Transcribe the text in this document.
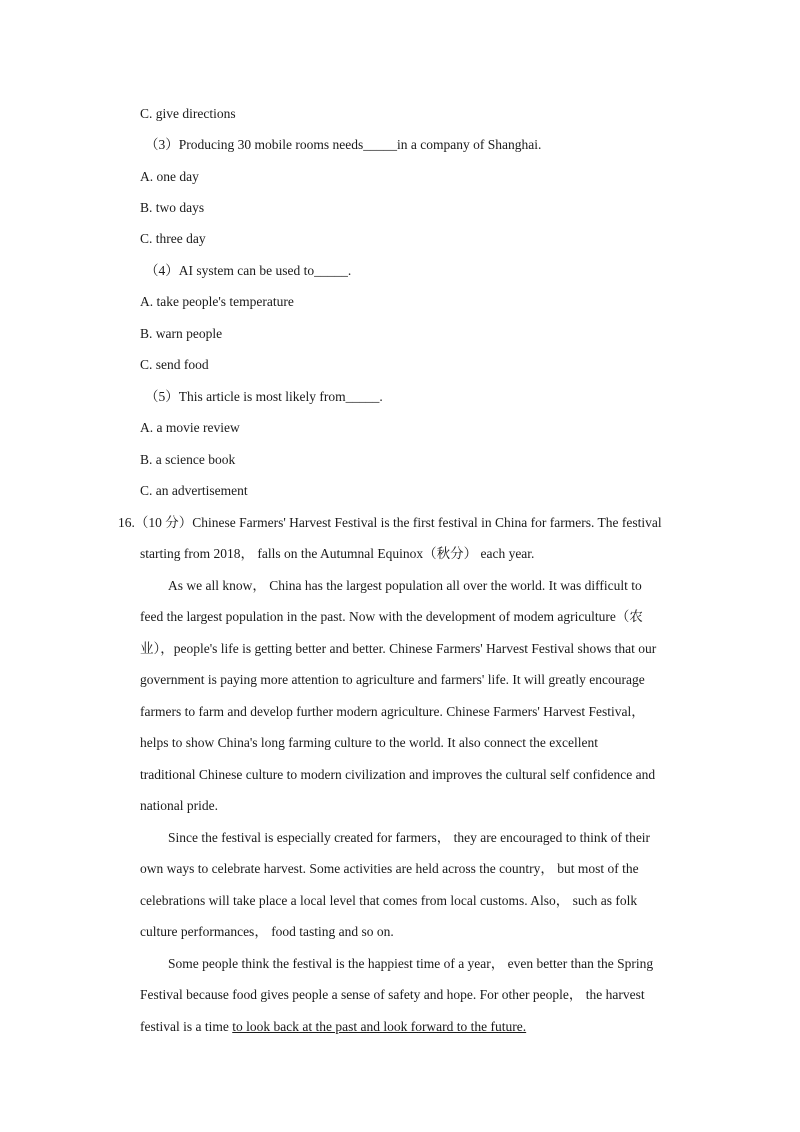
C. give directions
（3）Producing 30 mobile rooms needs_____in a company of Shanghai.
A. one day
B. two days
C. three day
（4）AI system can be used to_____.
A. take people's temperature
B. warn people
C. send food
（5）This article is most likely from_____.
A. a movie review
B. a science book
C. an advertisement
16.（10 分）Chinese Farmers' Harvest Festival is the first festival in China for farmers. The festival
starting from 2018， falls on the Autumnal Equinox（秋分） each year.
As we all know， China has the largest population all over the world. It was difficult to
feed the largest population in the past. Now with the development of modem agriculture（农
业），people's life is getting better and better. Chinese Farmers' Harvest Festival shows that our
government is paying more attention to agriculture and farmers' life. It will greatly encourage
farmers to farm and develop further modern agriculture. Chinese Farmers' Harvest Festival，
helps to show China's long farming culture to the world. It also connect the excellent
traditional Chinese culture to modern civilization and improves the cultural self confidence and
national pride.
Since the festival is especially created for farmers， they are encouraged to think of their
own ways to celebrate harvest. Some activities are held across the country， but most of the
celebrations will take place a local level that comes from local customs. Also， such as folk
culture performances， food tasting and so on.
Some people think the festival is the happiest time of a year， even better than the Spring
Festival because food gives people a sense of safety and hope. For other people， the harvest
festival is a time to look back at the past and look forward to the future.
